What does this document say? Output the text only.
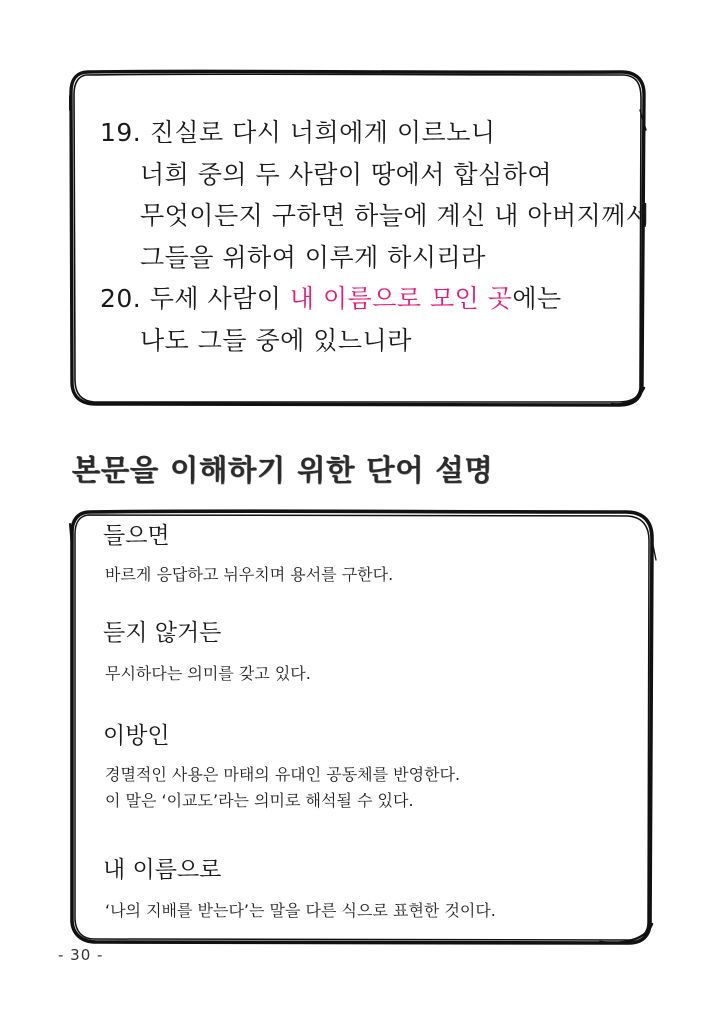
19. 진실로 다시 너희에게 이르노니
너희 중의 두 사람이 땅에서 합심하여
무엇이든지 구하면 하늘에 계신 내 아버지께서
그들을 위하여 이루게 하시리라
20. 두세 사람이 내 이름으로 모인 곳에는
나도 그들 중에 있느니라
본문을 이해하기 위한 단어 설명
들으면
바르게 응답하고 뉘우치며 용서를 구한다.
듣지 않거든
무시하다는 의미를 갖고 있다.
이방인
경멸적인 사용은 마태의 유대인 공동체를 반영한다.
이 말은 ‘이교도’라는 의미로 해석될 수 있다.
내 이름으로
‘나의 지배를 받는다’는 말을 다른 식으로 표현한 것이다.
- 30 -
